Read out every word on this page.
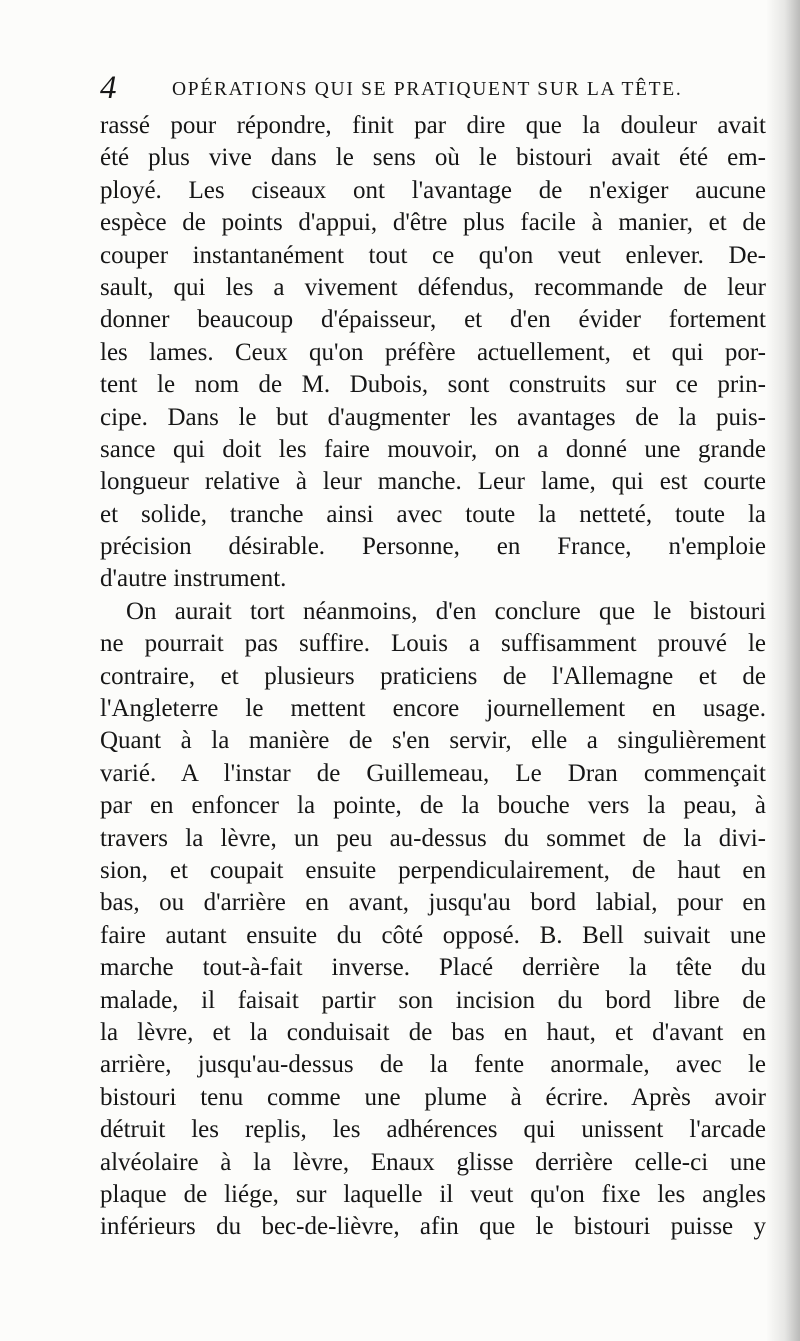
4	OPÉRATIONS QUI SE PRATIQUENT SUR LA TÊTE.
rassé pour répondre, finit par dire que la douleur avait
été plus vive dans le sens où le bistouri avait été em-
ployé. Les ciseaux ont l'avantage de n'exiger aucune
espèce de points d'appui, d'être plus facile à manier, et de
couper instantanément tout ce qu'on veut enlever. De-
sault, qui les a vivement défendus, recommande de leur
donner beaucoup d'épaisseur, et d'en évider fortement
les lames. Ceux qu'on préfère actuellement, et qui por-
tent le nom de M. Dubois, sont construits sur ce prin-
cipe. Dans le but d'augmenter les avantages de la puis-
sance qui doit les faire mouvoir, on a donné une grande
longueur relative à leur manche. Leur lame, qui est courte
et solide, tranche ainsi avec toute la netteté, toute la
précision désirable. Personne, en France, n'emploie
d'autre instrument.
On aurait tort néanmoins, d'en conclure que le bistouri
ne pourrait pas suffire. Louis a suffisamment prouvé le
contraire, et plusieurs praticiens de l'Allemagne et de
l'Angleterre le mettent encore journellement en usage.
Quant à la manière de s'en servir, elle a singulièrement
varié. A l'instar de Guillemeau, Le Dran commençait
par en enfoncer la pointe, de la bouche vers la peau, à
travers la lèvre, un peu au-dessus du sommet de la divi-
sion, et coupait ensuite perpendiculairement, de haut en
bas, ou d'arrière en avant, jusqu'au bord labial, pour en
faire autant ensuite du côté opposé. B. Bell suivait une
marche tout-à-fait inverse. Placé derrière la tête du
malade, il faisait partir son incision du bord libre de
la lèvre, et la conduisait de bas en haut, et d'avant en
arrière, jusqu'au-dessus de la fente anormale, avec le
bistouri tenu comme une plume à écrire. Après avoir
détruit les replis, les adhérences qui unissent l'arcade
alvéolaire à la lèvre, Enaux glisse derrière celle-ci une
plaque de liége, sur laquelle il veut qu'on fixe les angles
inférieurs du bec-de-lièvre, afin que le bistouri puisse y
